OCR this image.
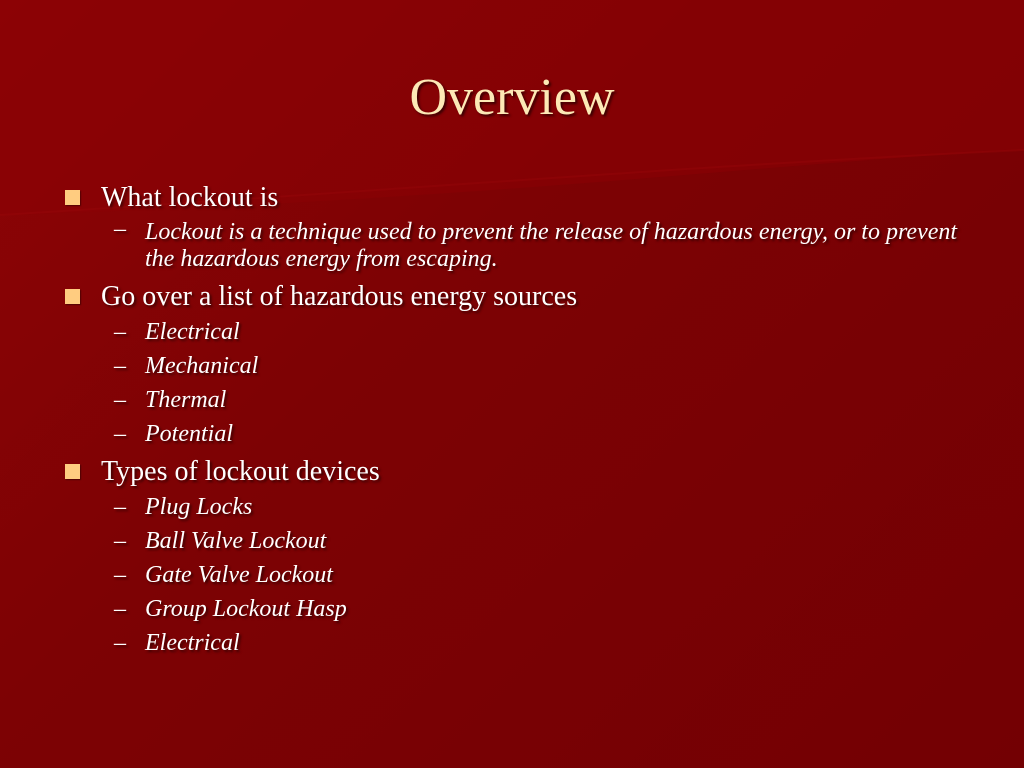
Overview
What lockout is
– Lockout is a technique used to prevent the release of hazardous energy, or to prevent the hazardous energy from escaping.
Go over a list of hazardous energy sources
– Electrical
– Mechanical
– Thermal
– Potential
Types of lockout devices
– Plug Locks
– Ball Valve Lockout
– Gate Valve Lockout
– Group Lockout Hasp
– Electrical
